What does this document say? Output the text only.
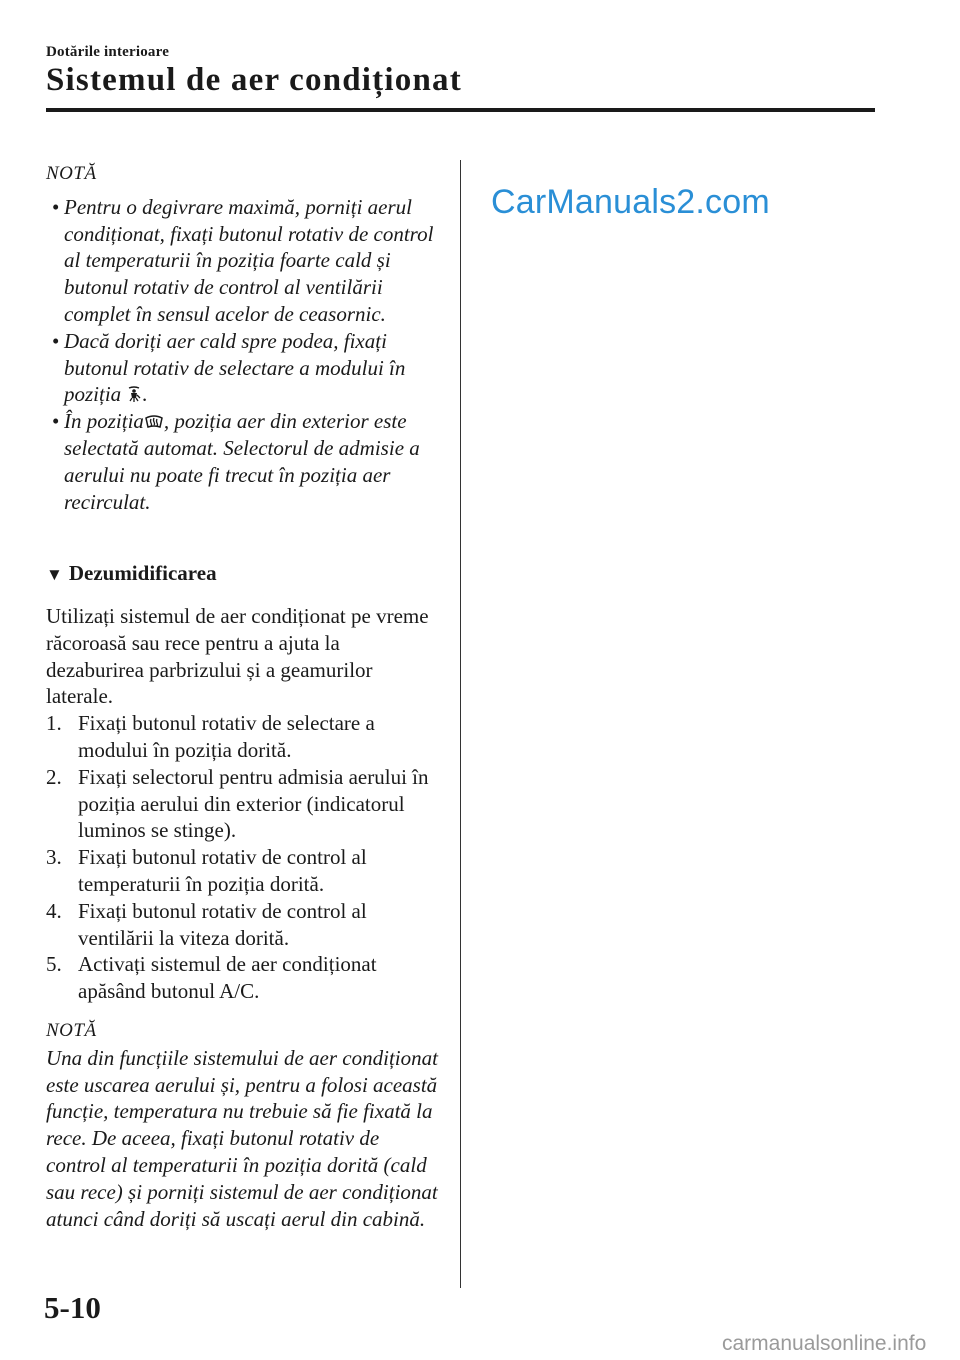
Dotările interioare
Sistemul de aer condiționat
CarManuals2.com

NOTĂ

• Pentru o degivrare maximă, porniți aerul condiționat, fixați butonul rotativ de control al temperaturii în poziția foarte cald și butonul rotativ de control al ventilării complet în sensul acelor de ceasornic.
• Dacă doriți aer cald spre podea, fixați butonul rotativ de selectare a modului în poziția .
• În poziția , poziția aer din exterior este selectată automat. Selectorul de admisie a aerului nu poate fi trecut în poziția aer recirculat.
▼ Dezumidificarea

Utilizați sistemul de aer condiționat pe vreme răcoroasă sau rece pentru a ajuta la dezaburirea parbrizului și a geamurilor laterale.

1. Fixați butonul rotativ de selectare a modului în poziția dorită.
2. Fixați selectorul pentru admisia aerului în poziția aerului din exterior (indicatorul luminos se stinge).
3. Fixați butonul rotativ de control al temperaturii în poziția dorită.
4. Fixați butonul rotativ de control al ventilării la viteza dorită.
5. Activați sistemul de aer condiționat apăsând butonul A/C.

NOTĂ

Una din funcțiile sistemului de aer condiționat este uscarea aerului și, pentru a folosi această funcție, temperatura nu trebuie să fie fixată la rece. De aceea, fixați butonul rotativ de control al temperaturii în poziția dorită (cald sau rece) și porniți sistemul de aer condiționat atunci când doriți să uscați aerul din cabină.

5-10
carmanualsonline.info
